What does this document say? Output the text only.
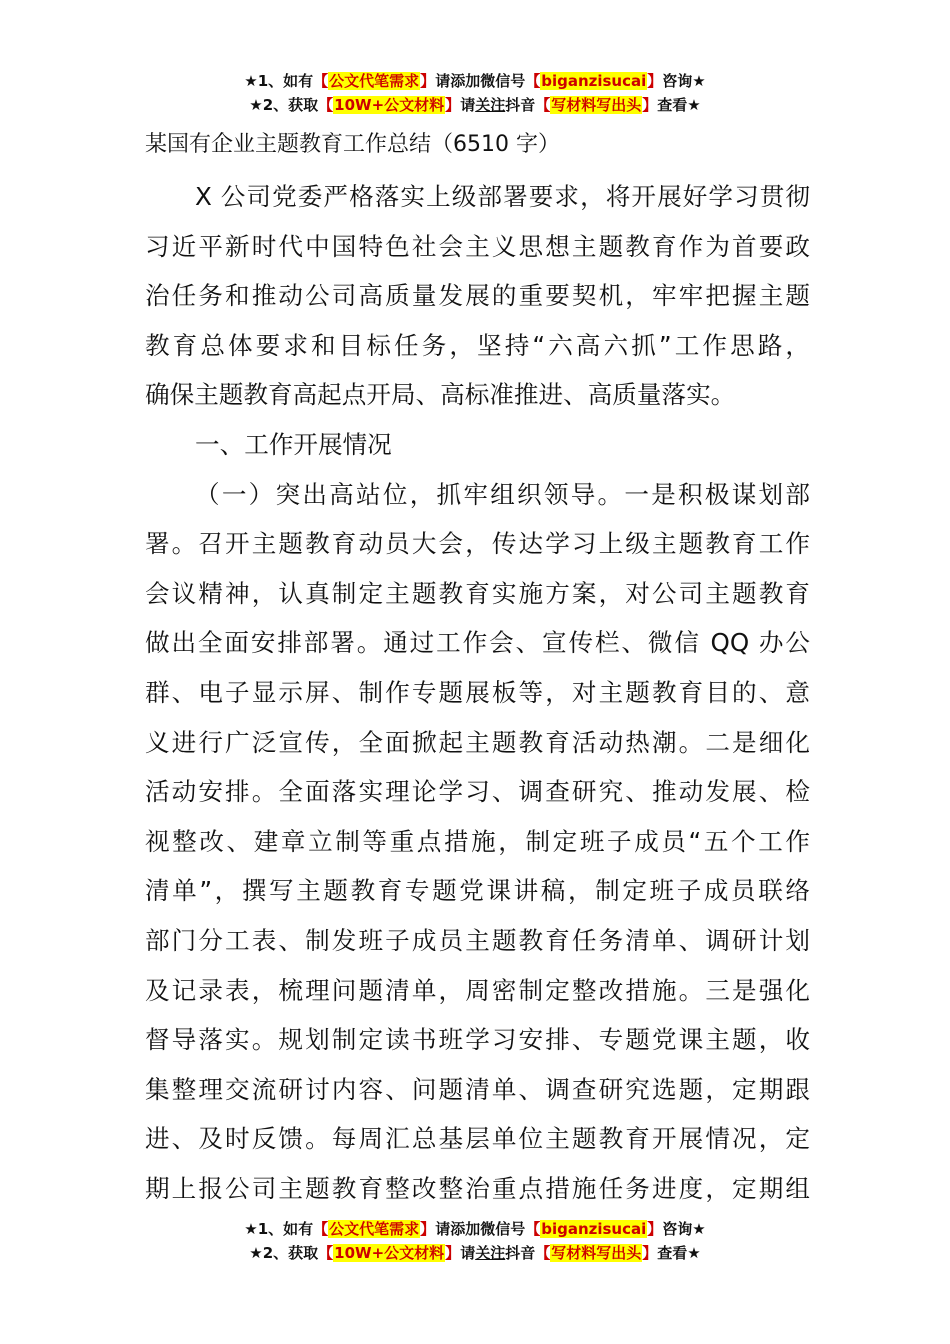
★1、如有【公文代笔需求】请添加微信号【biganzisucai】咨询★
★2、获取【10W+公文材料】请关注抖音【写材料写出头】查看★
某国有企业主题教育工作总结（6510 字）
X 公司党委严格落实上级部署要求，将开展好学习贯彻
习近平新时代中国特色社会主义思想主题教育作为首要政
治任务和推动公司高质量发展的重要契机，牢牢把握主题
教育总体要求和目标任务，坚持“六高六抓”工作思路，
确保主题教育高起点开局、高标准推进、高质量落实。
一、工作开展情况
（一）突出高站位，抓牢组织领导。一是积极谋划部
署。召开主题教育动员大会，传达学习上级主题教育工作
会议精神，认真制定主题教育实施方案，对公司主题教育
做出全面安排部署。通过工作会、宣传栏、微信 QQ 办公
群、电子显示屏、制作专题展板等，对主题教育目的、意
义进行广泛宣传，全面掀起主题教育活动热潮。二是细化
活动安排。全面落实理论学习、调查研究、推动发展、检
视整改、建章立制等重点措施，制定班子成员“五个工作
清单”，撰写主题教育专题党课讲稿，制定班子成员联络
部门分工表、制发班子成员主题教育任务清单、调研计划
及记录表，梳理问题清单，周密制定整改措施。三是强化
督导落实。规划制定读书班学习安排、专题党课主题，收
集整理交流研讨内容、问题清单、调查研究选题，定期跟
进、及时反馈。每周汇总基层单位主题教育开展情况，定
期上报公司主题教育整改整治重点措施任务进度，定期组
★1、如有【公文代笔需求】请添加微信号【biganzisucai】咨询★
★2、获取【10W+公文材料】请关注抖音【写材料写出头】查看★
